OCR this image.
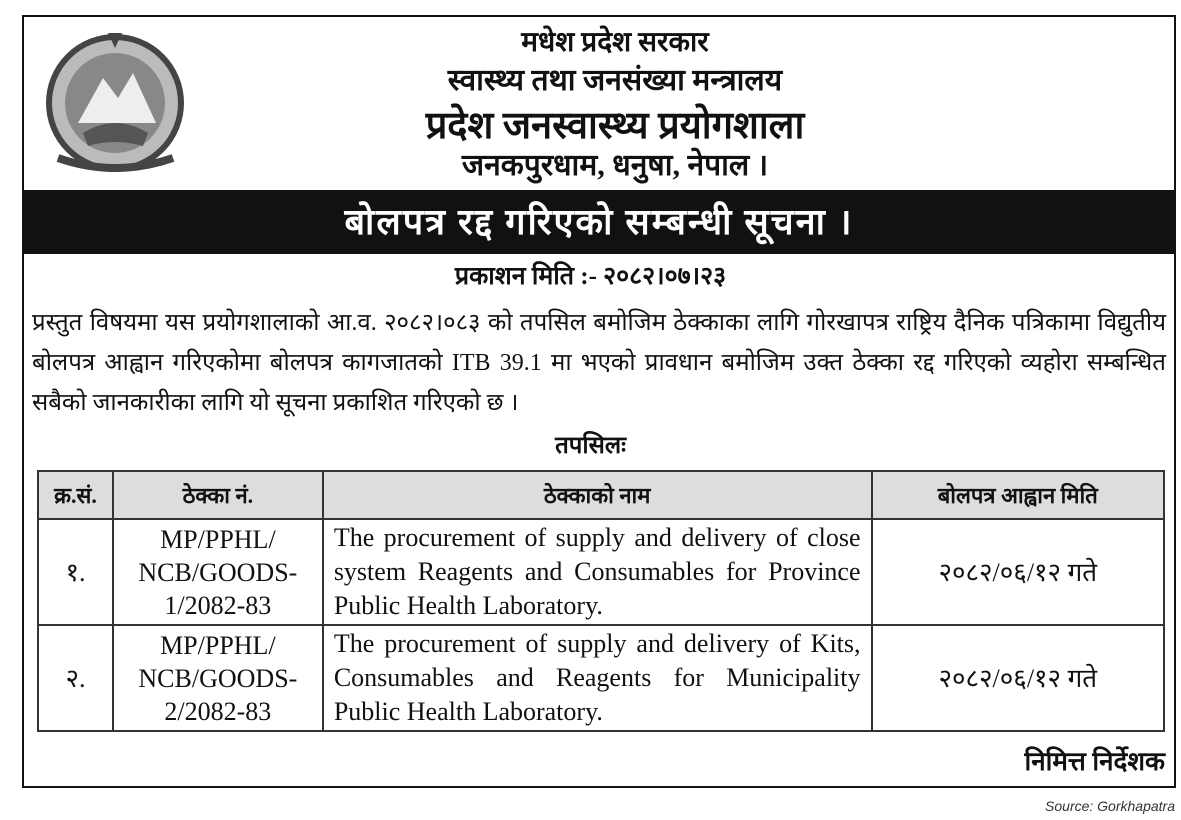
मधेश प्रदेश सरकार
स्वास्थ्य तथा जनसंख्या मन्त्रालय
प्रदेश जनस्वास्थ्य प्रयोगशाला
जनकपुरधाम, धनुषा, नेपाल ।
बोलपत्र रद्द गरिएको सम्बन्धी सूचना ।
प्रकाशन मिति :- २०८२।०७।२३
प्रस्तुत विषयमा यस प्रयोगशालाको आ.व. २०८२।०८३ को तपसिल बमोजिम ठेक्काका लागि गोरखापत्र राष्ट्रिय दैनिक पत्रिकामा विद्युतीय बोलपत्र आह्वान गरिएकोमा बोलपत्र कागजातको ITB 39.1 मा भएको प्रावधान बमोजिम उक्त ठेक्का रद्द गरिएको व्यहोरा सम्बन्धित सबैको जानकारीका लागि यो सूचना प्रकाशित गरिएको छ ।
तपसिलः
क्र.सं.	ठेक्का नं.	ठेक्काको नाम	बोलपत्र आह्वान मिति
१.	MP/PPHL/ NCB/GOODS- 1/2082-83	The procurement of supply and delivery of close system Reagents and Consumables for Province Public Health Laboratory.	२०८२/०६/१२ गते
२.	MP/PPHL/ NCB/GOODS- 2/2082-83	The procurement of supply and delivery of Kits, Consumables and Reagents for Municipality Public Health Laboratory.	२०८२/०६/१२ गते
निमित्त निर्देशक
Source: Gorkhapatra
